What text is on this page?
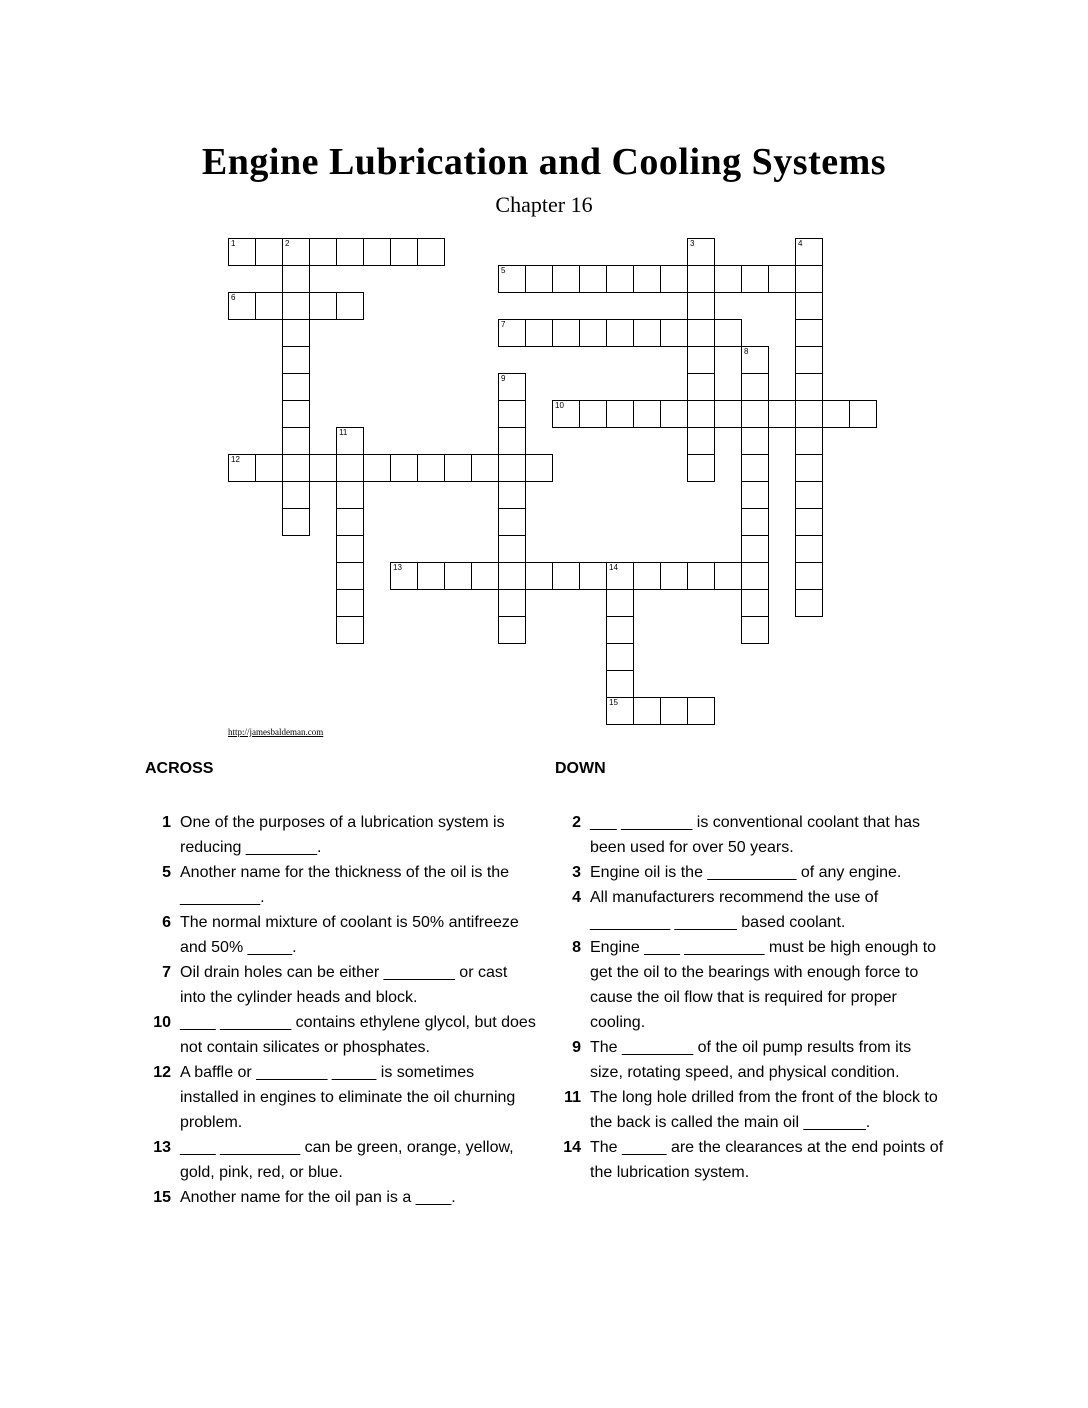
Engine Lubrication and Cooling Systems
Chapter 16
1	2	3	4
5
6
7
8
9
10
11
12
13	14
15
http://jamesbaldeman.com
ACROSS
1 One of the purposes of a lubrication system is reducing ________.
5 Another name for the thickness of the oil is the _________.
6 The normal mixture of coolant is 50% antifreeze and 50% _____.
7 Oil drain holes can be either ________ or cast into the cylinder heads and block.
10 ____ ________ contains ethylene glycol, but does not contain silicates or phosphates.
12 A baffle or ________ _____ is sometimes installed in engines to eliminate the oil churning problem.
13 ____ _________ can be green, orange, yellow, gold, pink, red, or blue.
15 Another name for the oil pan is a ____.
DOWN
2 ___ ________ is conventional coolant that has been used for over 50 years.
3 Engine oil is the __________ of any engine.
4 All manufacturers recommend the use of _________ _______ based coolant.
8 Engine ____ _________ must be high enough to get the oil to the bearings with enough force to cause the oil flow that is required for proper cooling.
9 The ________ of the oil pump results from its size, rotating speed, and physical condition.
11 The long hole drilled from the front of the block to the back is called the main oil _______.
14 The _____ are the clearances at the end points of the lubrication system.
